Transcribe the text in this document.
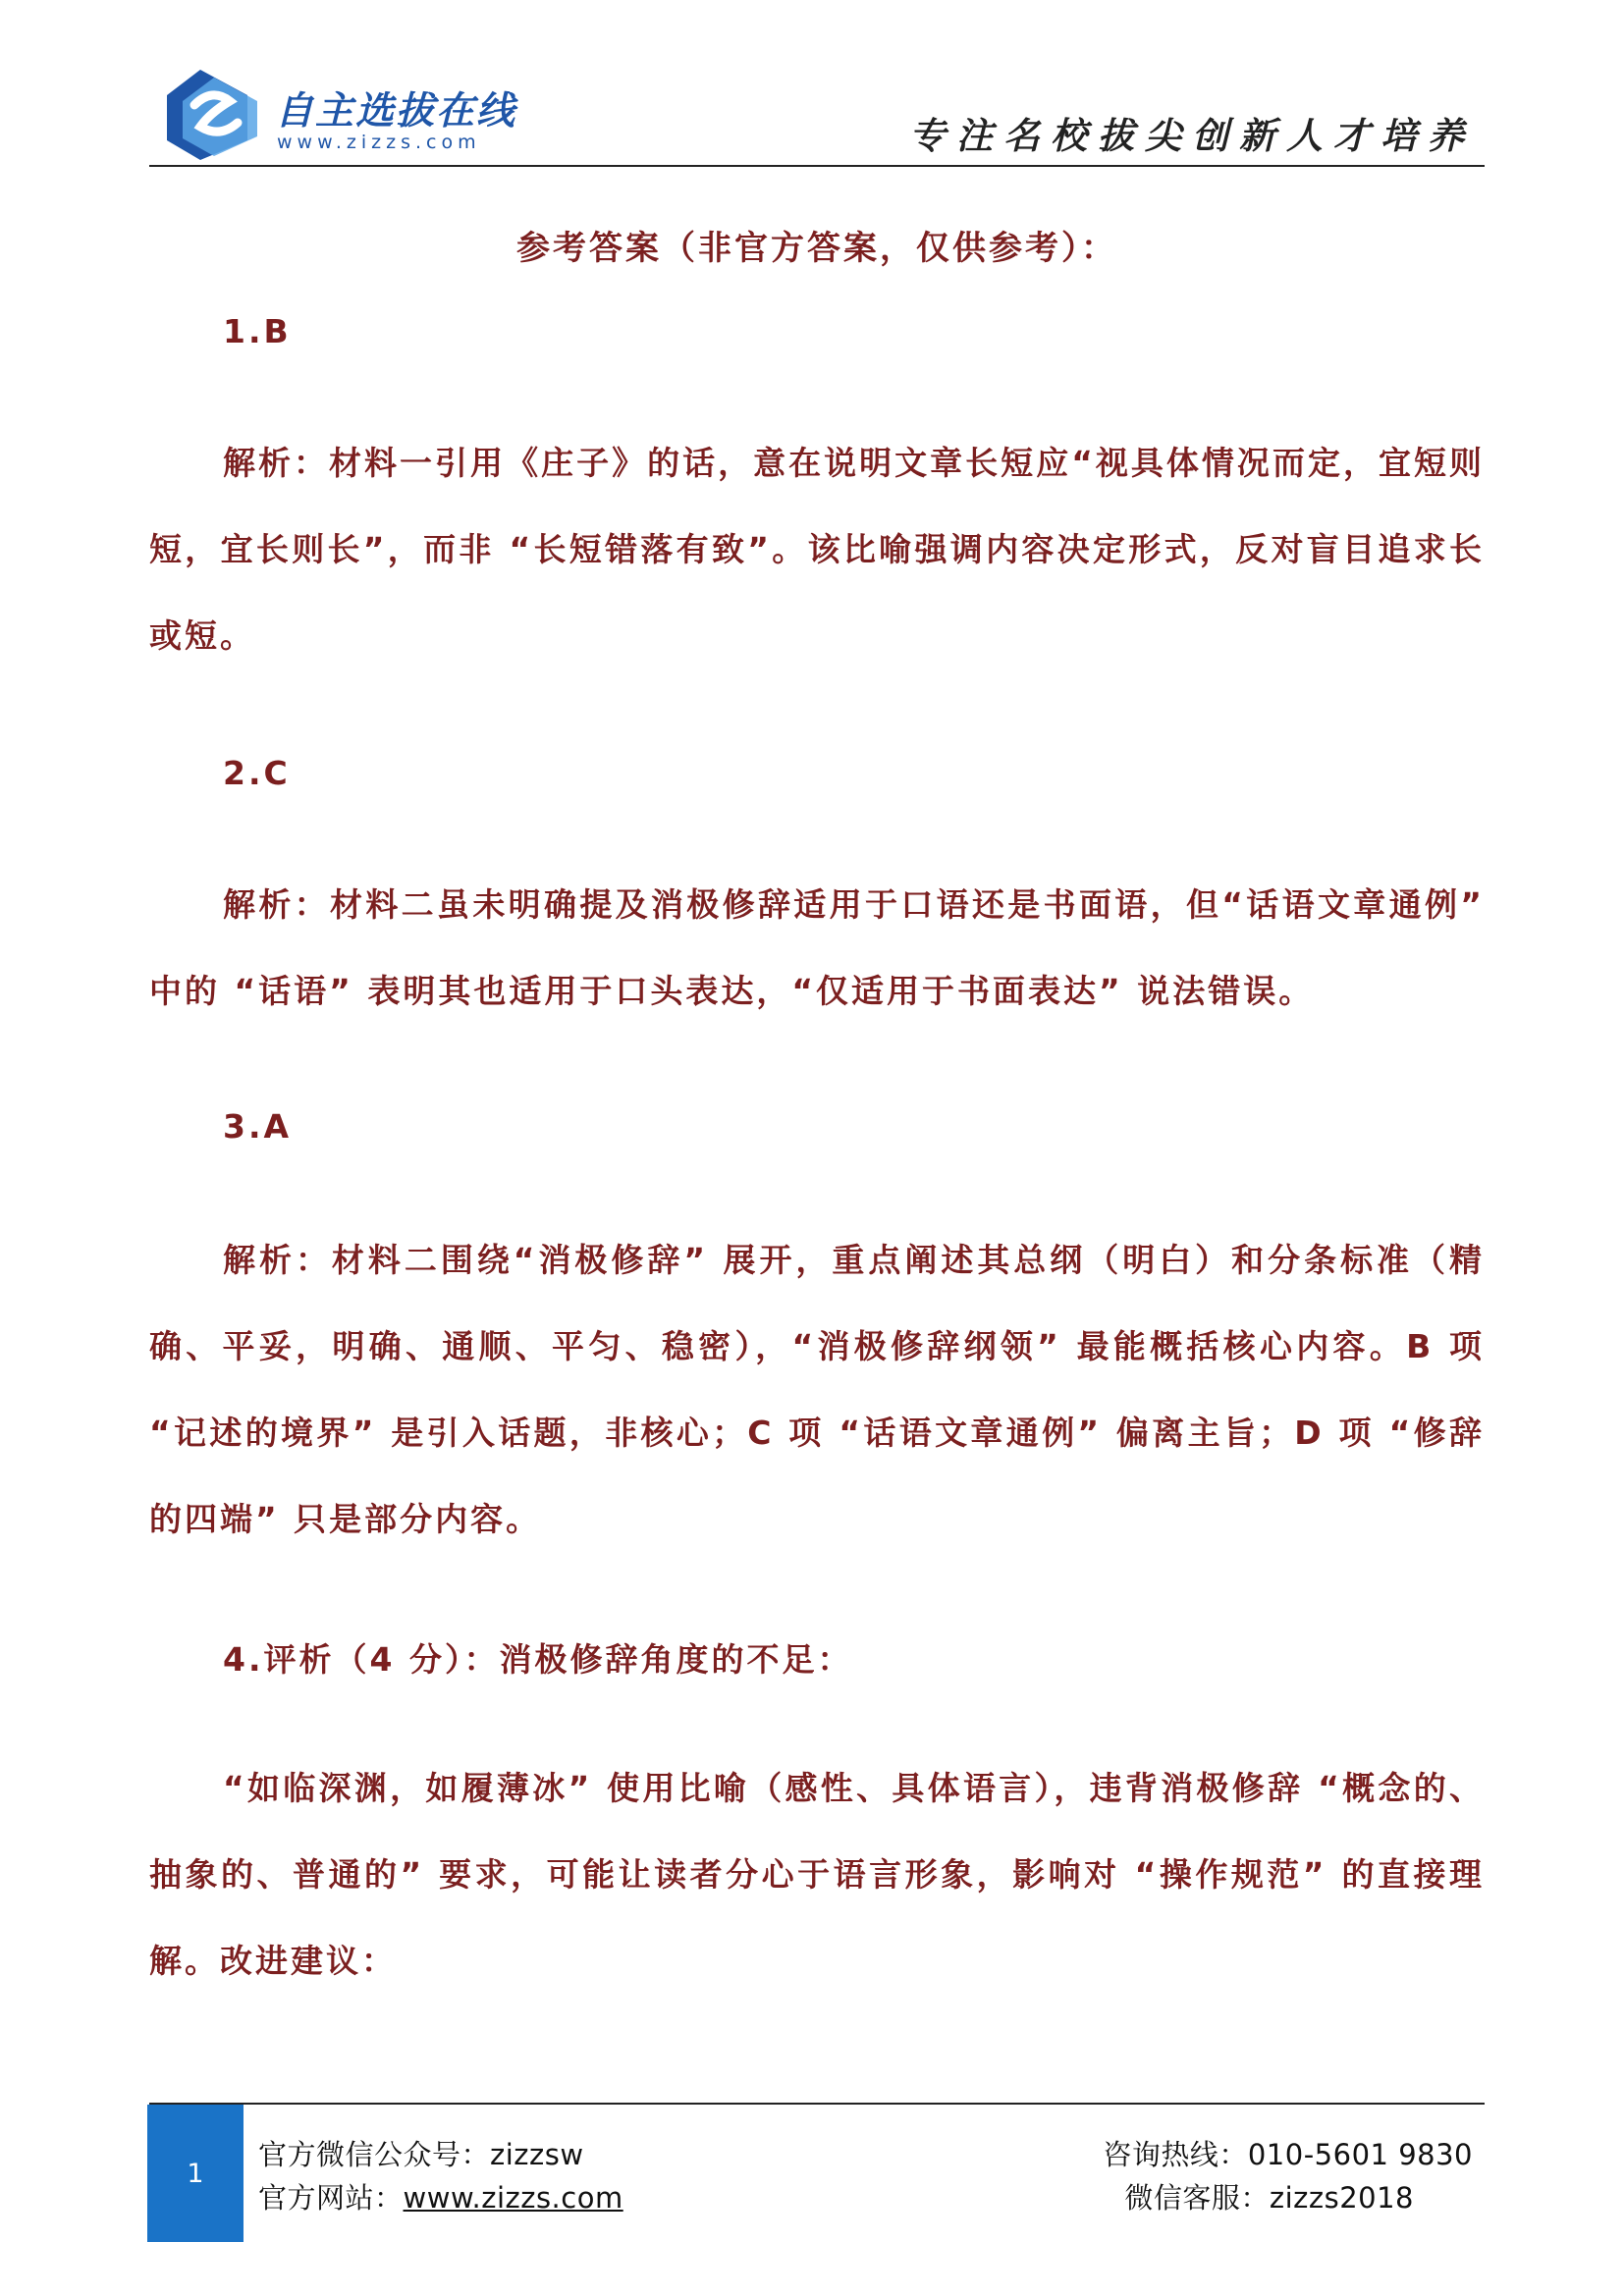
自主选拔在线
www.zizzs.com	专注名校拔尖创新人才培养
参考答案（非官方答案，仅供参考）：
1.B
解析：材料一引用《庄子》的话，意在说明文章长短应“视具体情况而定，宜短则短，宜长则长”，而非 “长短错落有致”。该比喻强调内容决定形式，反对盲目追求长或短。
2.C
解析：材料二虽未明确提及消极修辞适用于口语还是书面语，但“话语文章通例” 中的 “话语” 表明其也适用于口头表达，“仅适用于书面表达” 说法错误。
3.A
解析：材料二围绕“消极修辞” 展开，重点阐述其总纲（明白）和分条标准（精确、平妥，明确、通顺、平匀、稳密），“消极修辞纲领” 最能概括核心内容。B 项 “记述的境界” 是引入话题，非核心；C 项 “话语文章通例” 偏离主旨；D 项 “修辞的四端” 只是部分内容。
4.评析（4 分）：消极修辞角度的不足：
“如临深渊，如履薄冰” 使用比喻（感性、具体语言），违背消极修辞 “概念的、抽象的、普通的” 要求，可能让读者分心于语言形象，影响对 “操作规范” 的直接理解。改进建议：
1
官方微信公众号：zizzsw
官方网站：www.zizzs.com
咨询热线：010-5601 9830
微信客服：zizzs2018
